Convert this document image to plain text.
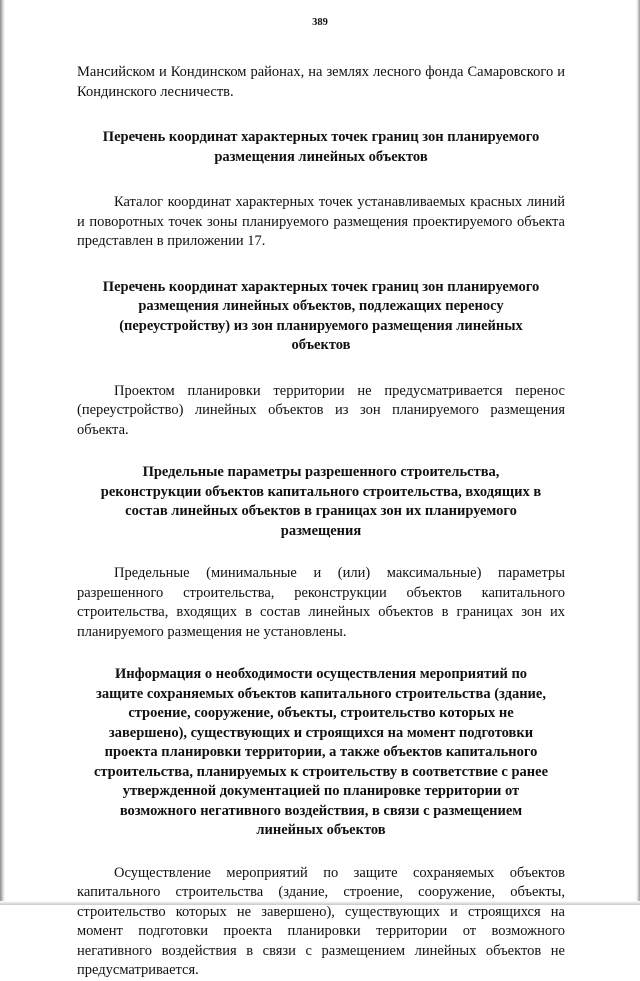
389

Мансийском и Кондинском районах, на землях лесного фонда Самаровского и Кондинского лесничеств.

Перечень координат характерных точек границ зон планируемого размещения линейных объектов

Каталог координат характерных точек устанавливаемых красных линий и поворотных точек зоны планируемого размещения проектируемого объекта представлен в приложении 17.

Перечень координат характерных точек границ зон планируемого размещения линейных объектов, подлежащих переносу (переустройству) из зон планируемого размещения линейных объектов

Проектом планировки территории не предусматривается перенос (переустройство) линейных объектов из зон планируемого размещения объекта.

Предельные параметры разрешенного строительства, реконструкции объектов капитального строительства, входящих в состав линейных объектов в границах зон их планируемого размещения

Предельные (минимальные и (или) максимальные) параметры разрешенного строительства, реконструкции объектов капитального строительства, входящих в состав линейных объектов в границах зон их планируемого размещения не установлены.

Информация о необходимости осуществления мероприятий по защите сохраняемых объектов капитального строительства (здание, строение, сооружение, объекты, строительство которых не завершено), существующих и строящихся на момент подготовки проекта планировки территории, а также объектов капитального строительства, планируемых к строительству в соответствие с ранее утвержденной документацией по планировке территории от возможного негативного воздействия, в связи с размещением линейных объектов

Осуществление мероприятий по защите сохраняемых объектов капитального строительства (здание, строение, сооружение, объекты, строительство которых не завершено), существующих и строящихся на момент подготовки проекта планировки территории от возможного негативного воздействия в связи с размещением линейных объектов не предусматривается.
